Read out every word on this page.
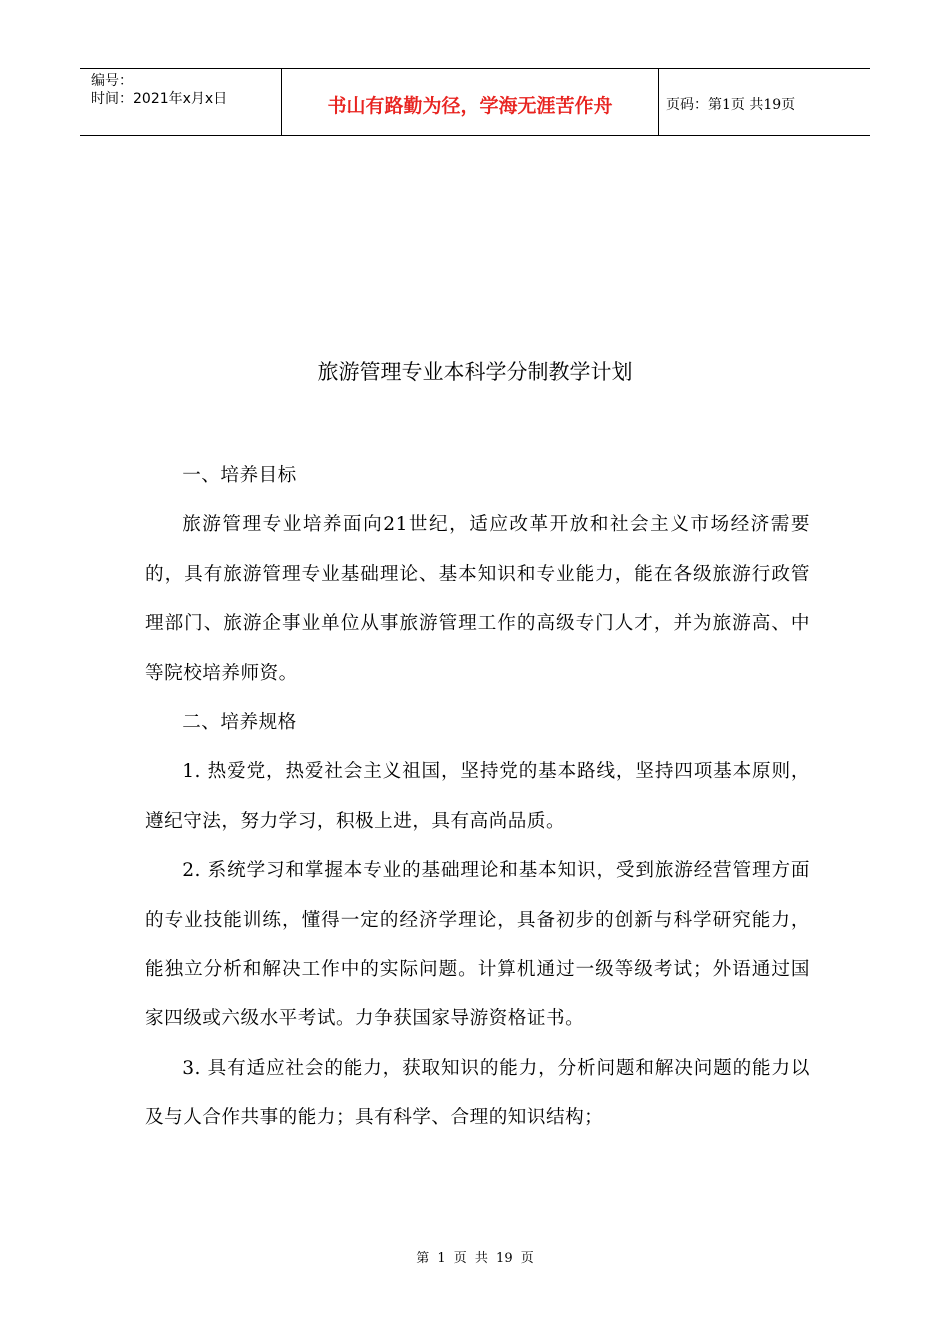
编号：
时间：2021年x月x日	书山有路勤为径，学海无涯苦作舟	页码：第1页 共19页
旅游管理专业本科学分制教学计划

一、培养目标

旅游管理专业培养面向21世纪，适应改革开放和社会主义市场经济需要的，具有旅游管理专业基础理论、基本知识和专业能力，能在各级旅游行政管理部门、旅游企事业单位从事旅游管理工作的高级专门人才，并为旅游高、中等院校培养师资。

二、培养规格

1. 热爱党，热爱社会主义祖国，坚持党的基本路线，坚持四项基本原则，遵纪守法，努力学习，积极上进，具有高尚品质。

2. 系统学习和掌握本专业的基础理论和基本知识，受到旅游经营管理方面的专业技能训练，懂得一定的经济学理论，具备初步的创新与科学研究能力，能独立分析和解决工作中的实际问题。计算机通过一级等级考试；外语通过国家四级或六级水平考试。力争获国家导游资格证书。

3. 具有适应社会的能力，获取知识的能力，分析问题和解决问题的能力以及与人合作共事的能力；具有科学、合理的知识结构；

第 1 页 共 19 页
